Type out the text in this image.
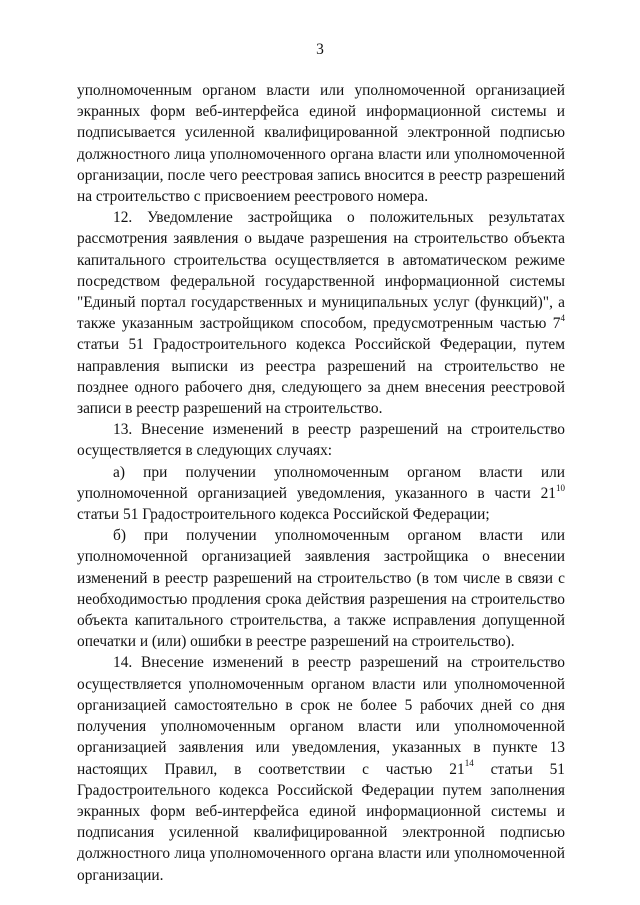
3

уполномоченным органом власти или уполномоченной организацией экранных форм веб-интерфейса единой информационной системы и подписывается усиленной квалифицированной электронной подписью должностного лица уполномоченного органа власти или уполномоченной организации, после чего реестровая запись вносится в реестр разрешений на строительство с присвоением реестрового номера.

12. Уведомление застройщика о положительных результатах рассмотрения заявления о выдаче разрешения на строительство объекта капитального строительства осуществляется в автоматическом режиме посредством федеральной государственной информационной системы "Единый портал государственных и муниципальных услуг (функций)", а также указанным застройщиком способом, предусмотренным частью $7^4$ статьи 51 Градостроительного кодекса Российской Федерации, путем направления выписки из реестра разрешений на строительство не позднее одного рабочего дня, следующего за днем внесения реестровой записи в реестр разрешений на строительство.

13. Внесение изменений в реестр разрешений на строительство осуществляется в следующих случаях:

а) при получении уполномоченным органом власти или уполномоченной организацией уведомления, указанного в части $21^{10}$ статьи 51 Градостроительного кодекса Российской Федерации;

б) при получении уполномоченным органом власти или уполномоченной организацией заявления застройщика о внесении изменений в реестр разрешений на строительство (в том числе в связи с необходимостью продления срока действия разрешения на строительство объекта капитального строительства, а также исправления допущенной опечатки и (или) ошибки в реестре разрешений на строительство).

14. Внесение изменений в реестр разрешений на строительство осуществляется уполномоченным органом власти или уполномоченной организацией самостоятельно в срок не более 5 рабочих дней со дня получения уполномоченным органом власти или уполномоченной организацией заявления или уведомления, указанных в пункте 13 настоящих Правил, в соответствии с частью $21^{14}$ статьи 51 Градостроительного кодекса Российской Федерации путем заполнения экранных форм веб-интерфейса единой информационной системы и подписания усиленной квалифицированной электронной подписью должностного лица уполномоченного органа власти или уполномоченной организации.
